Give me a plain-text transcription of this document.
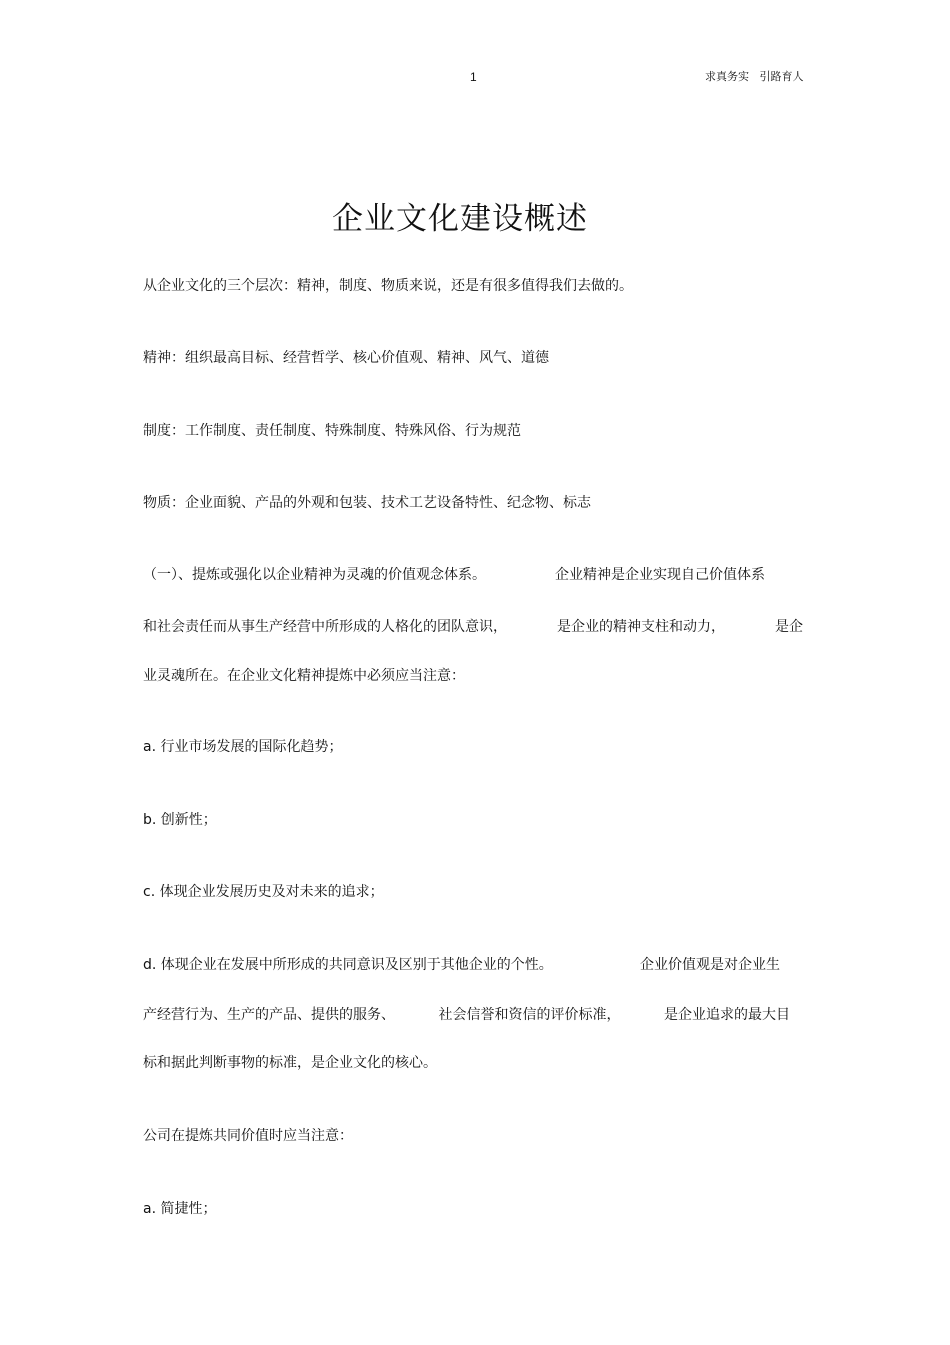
1	求真务实   引路育人
企业文化建设概述
从企业文化的三个层次：精神，制度、物质来说，还是有很多值得我们去做的。
精神：组织最高目标、经营哲学、核心价值观、精神、风气、道德
制度：工作制度、责任制度、特殊制度、特殊风俗、行为规范
物质：企业面貌、产品的外观和包装、技术工艺设备特性、纪念物、标志
（一）、提炼或强化以企业精神为灵魂的价值观念体系。	企业精神是企业实现自己价值体系
和社会责任而从事生产经营中所形成的人格化的团队意识，	是企业的精神支柱和动力，	是企
业灵魂所在。在企业文化精神提炼中必须应当注意：
a. 行业市场发展的国际化趋势；
b. 创新性；
c. 体现企业发展历史及对未来的追求；
d. 体现企业在发展中所形成的共同意识及区别于其他企业的个性。	企业价值观是对企业生
产经营行为、生产的产品、提供的服务、	社会信誉和资信的评价标准，	是企业追求的最大目
标和据此判断事物的标准，是企业文化的核心。
公司在提炼共同价值时应当注意：
a. 简捷性；
